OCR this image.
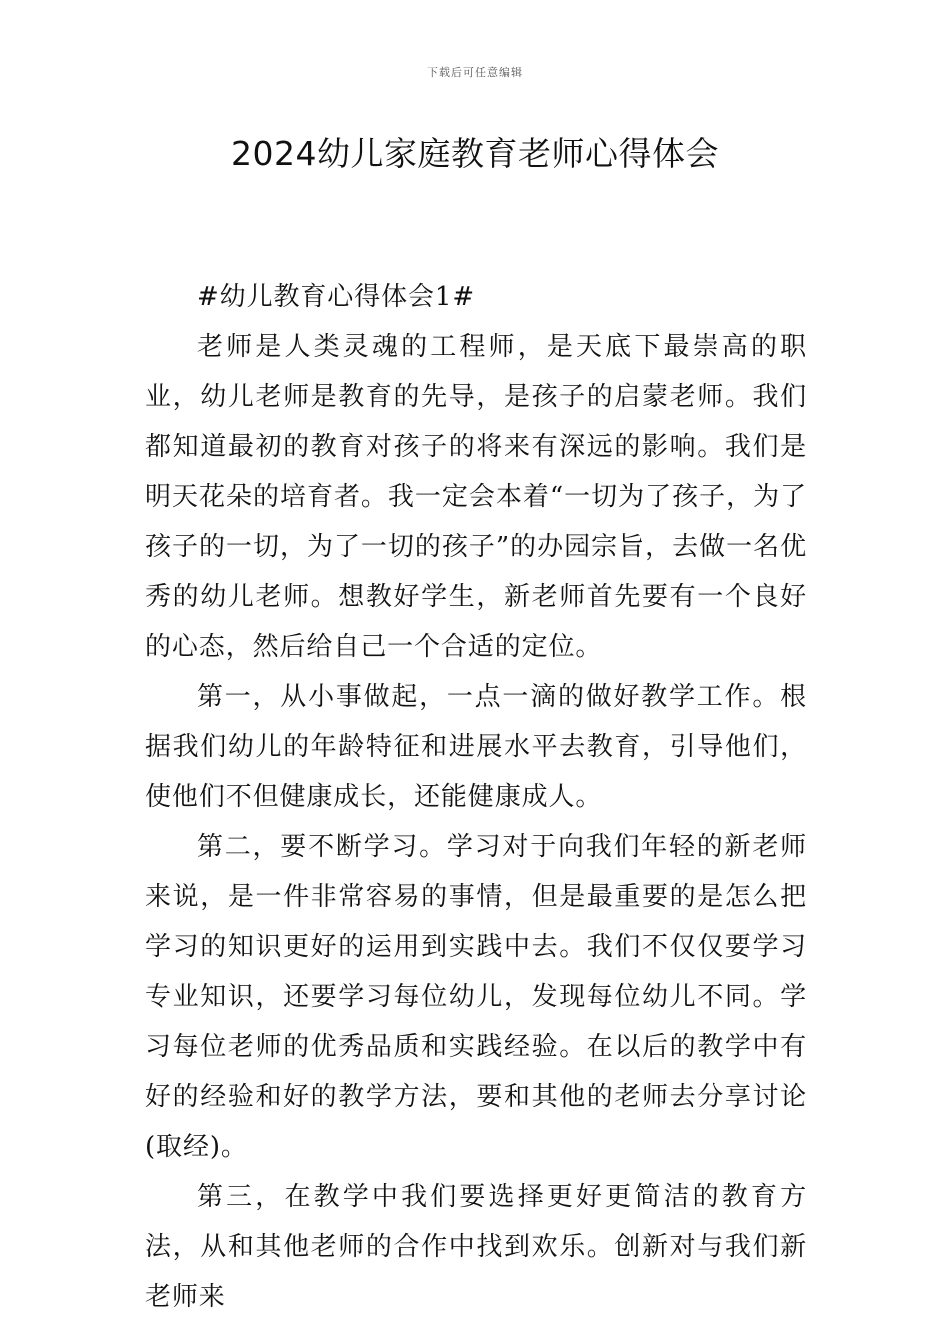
下载后可任意编辑
2024幼儿家庭教育老师心得体会

#幼儿教育心得体会1#

老师是人类灵魂的工程师，是天底下最崇高的职业，幼儿老师是教育的先导，是孩子的启蒙老师。我们都知道最初的教育对孩子的将来有深远的影响。我们是明天花朵的培育者。我一定会本着“一切为了孩子，为了孩子的一切，为了一切的孩子”的办园宗旨，去做一名优秀的幼儿老师。想教好学生，新老师首先要有一个良好的心态，然后给自己一个合适的定位。

第一，从小事做起，一点一滴的做好教学工作。根据我们幼儿的年龄特征和进展水平去教育，引导他们，使他们不但健康成长，还能健康成人。

第二，要不断学习。学习对于向我们年轻的新老师来说，是一件非常容易的事情，但是最重要的是怎么把学习的知识更好的运用到实践中去。我们不仅仅要学习专业知识，还要学习每位幼儿，发现每位幼儿不同。学习每位老师的优秀品质和实践经验。在以后的教学中有好的经验和好的教学方法，要和其他的老师去分享讨论(取经)。

第三，在教学中我们要选择更好更简洁的教育方法，从和其他老师的合作中找到欢乐。创新对与我们新老师来
